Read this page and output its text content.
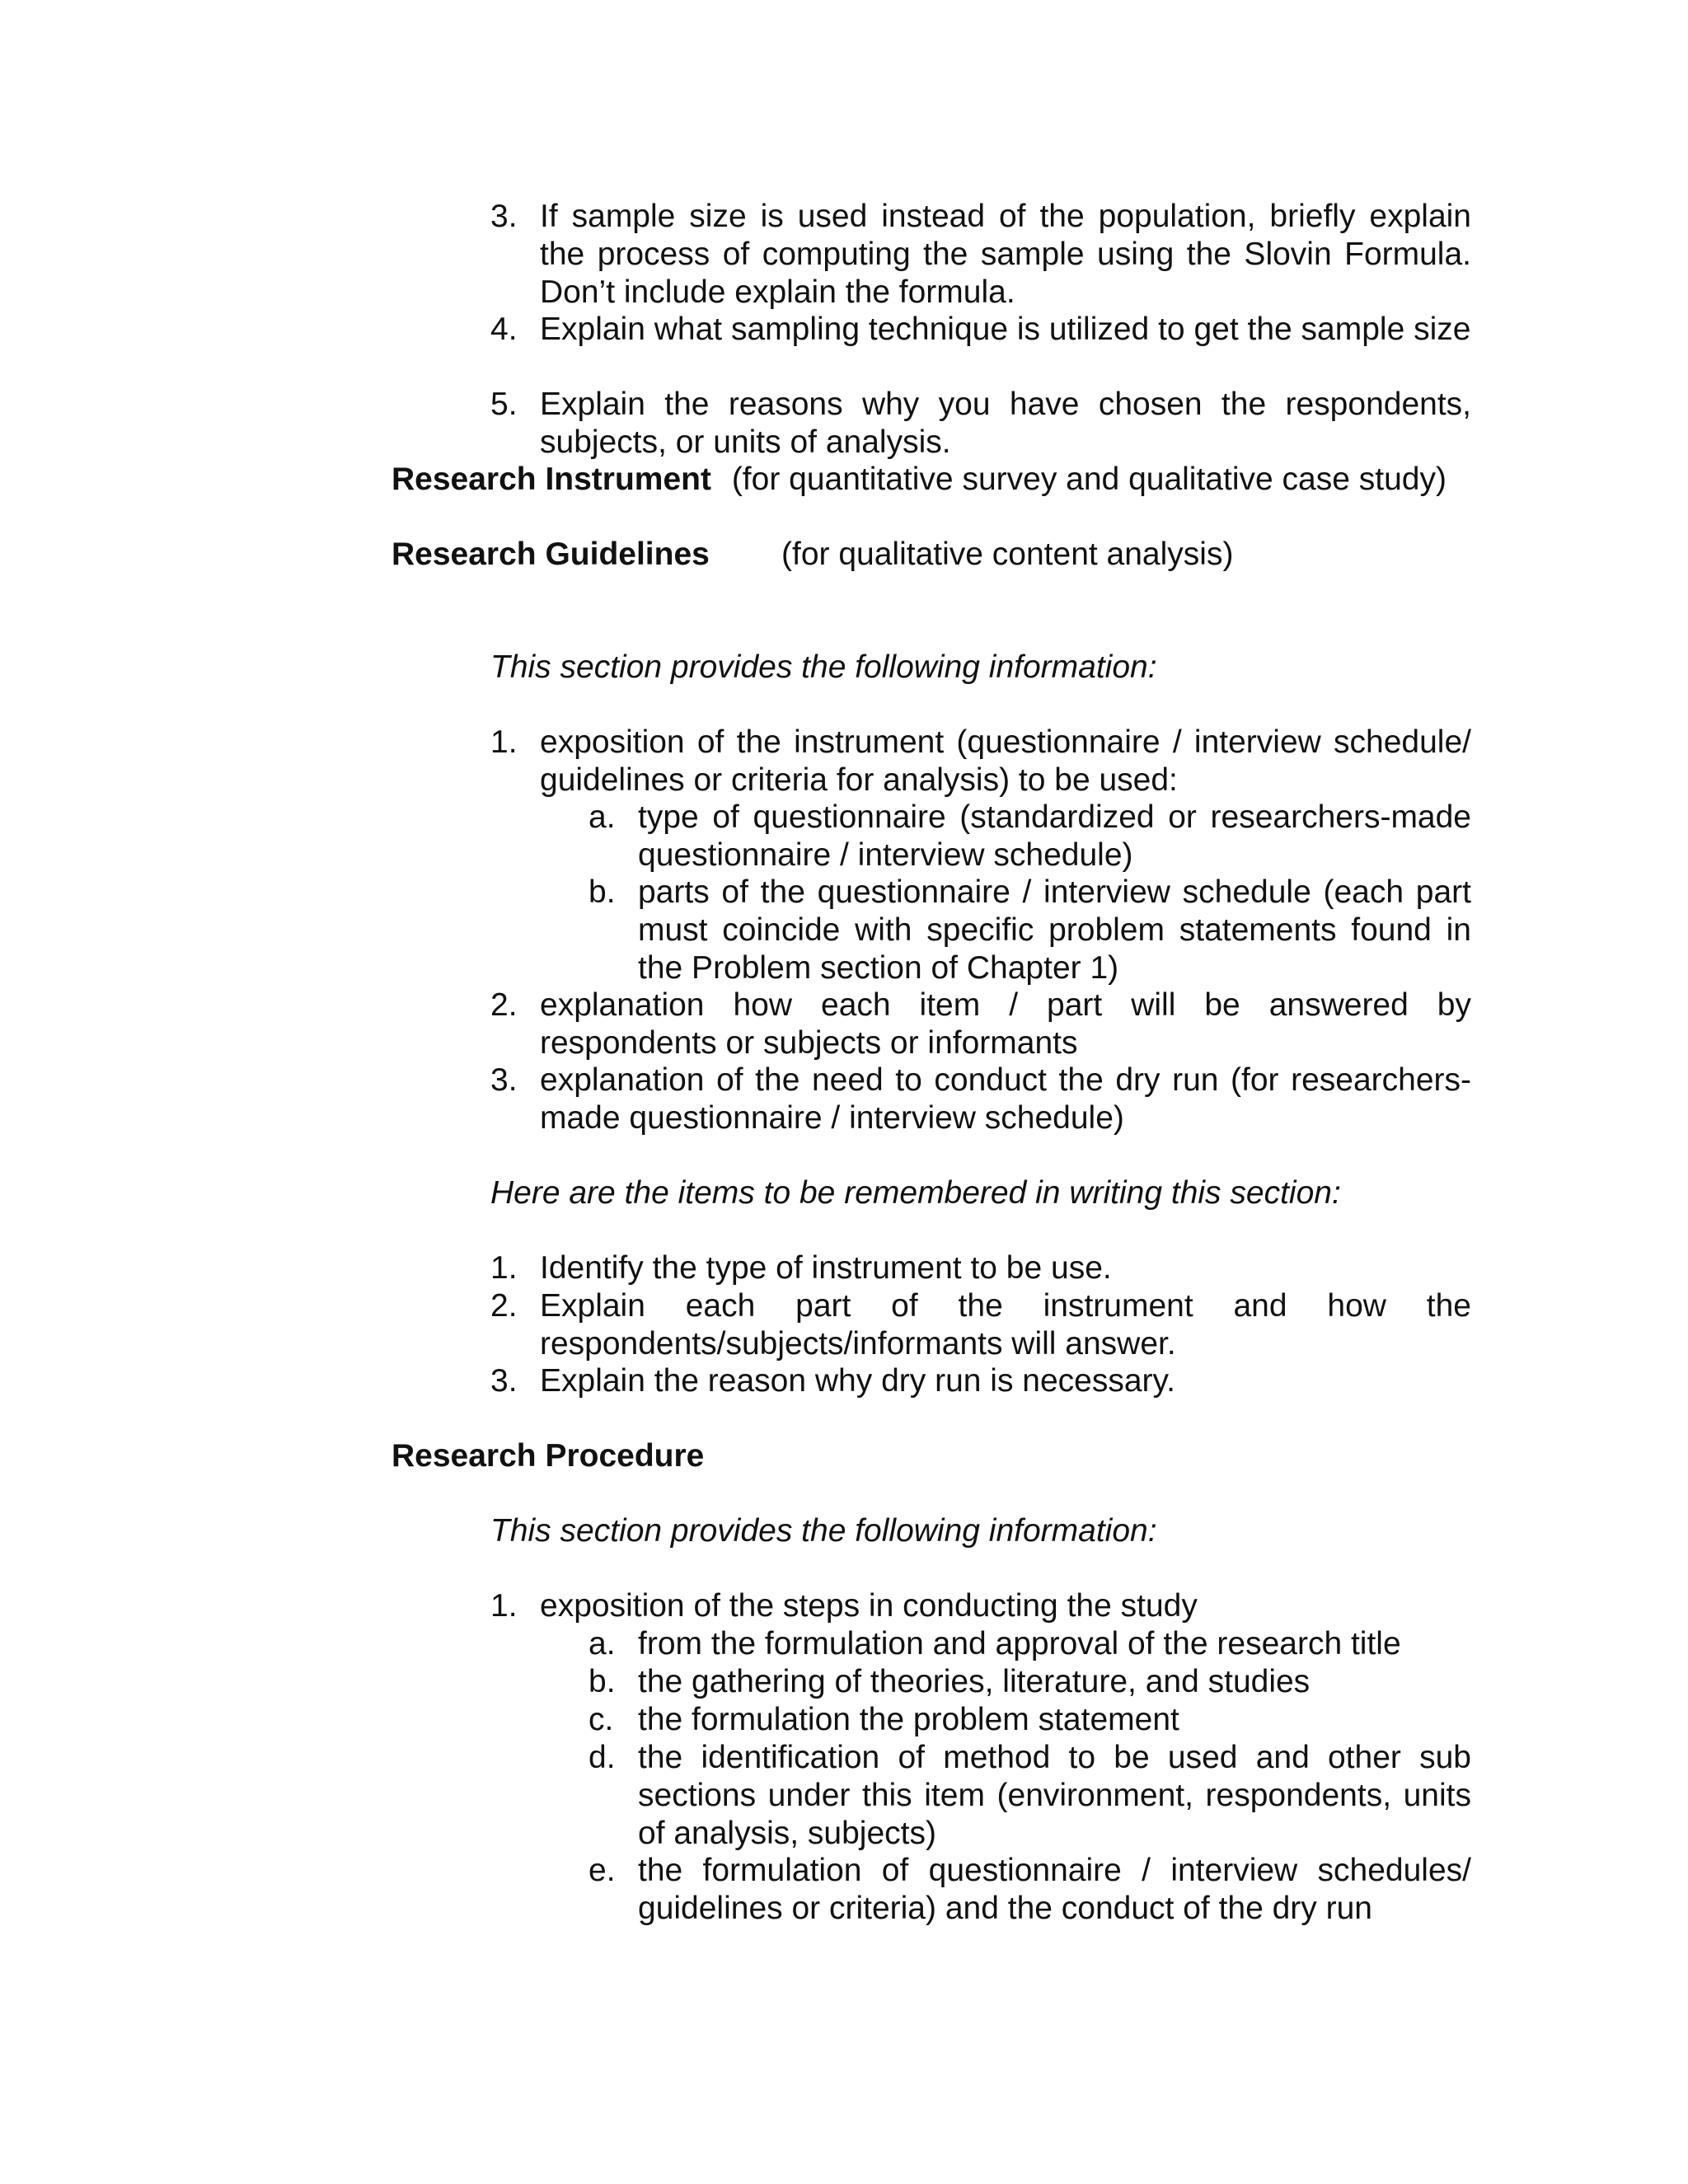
3. If sample size is used instead of the population, briefly explain the process of computing the sample using the Slovin Formula. Don’t include explain the formula.
4. Explain what sampling technique is utilized to get the sample size
5. Explain the reasons why you have chosen the respondents, subjects, or units of analysis.
Research Instrument (for quantitative survey and qualitative case study)
Research Guidelines (for qualitative content analysis)
This section provides the following information:
1. exposition of the instrument (questionnaire / interview schedule/ guidelines or criteria for analysis) to be used:
a. type of questionnaire (standardized or researchers-made questionnaire / interview schedule)
b. parts of the questionnaire / interview schedule (each part must coincide with specific problem statements found in the Problem section of Chapter 1)
2. explanation how each item / part will be answered by respondents or subjects or informants
3. explanation of the need to conduct the dry run (for researchers-made questionnaire / interview schedule)
Here are the items to be remembered in writing this section:
1. Identify the type of instrument to be use.
2. Explain each part of the instrument and how the respondents/subjects/informants will answer.
3. Explain the reason why dry run is necessary.
Research Procedure
This section provides the following information:
1. exposition of the steps in conducting the study
a. from the formulation and approval of the research title
b. the gathering of theories, literature, and studies
c. the formulation the problem statement
d. the identification of method to be used and other sub sections under this item (environment, respondents, units of analysis, subjects)
e. the formulation of questionnaire / interview schedules/ guidelines or criteria) and the conduct of the dry run
